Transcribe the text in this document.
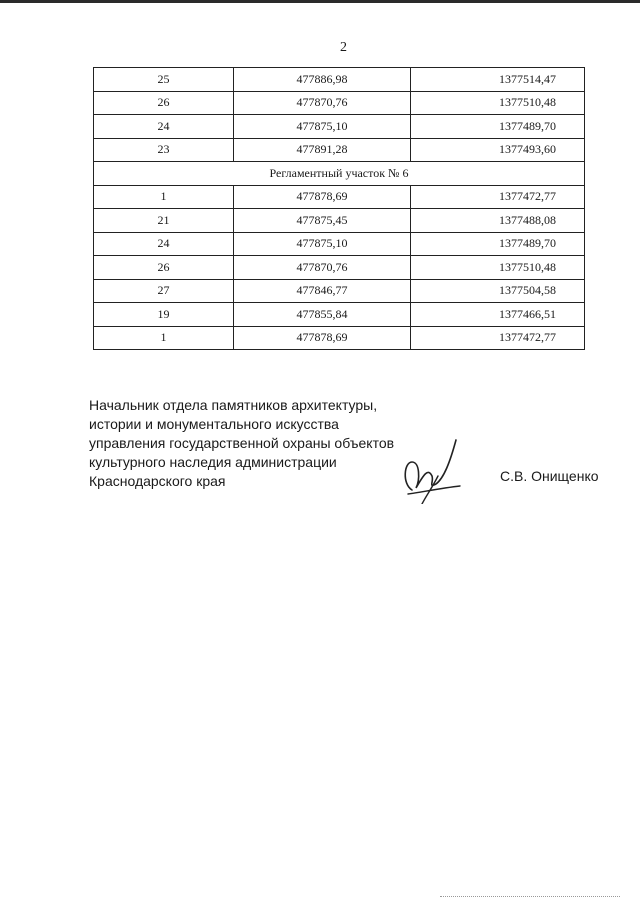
2
25	477886,98	1377514,47
26	477870,76	1377510,48
24	477875,10	1377489,70
23	477891,28	1377493,60
Регламентный участок № 6		
1	477878,69	1377472,77
21	477875,45	1377488,08
24	477875,10	1377489,70
26	477870,76	1377510,48
27	477846,77	1377504,58
19	477855,84	1377466,51
1	477878,69	1377472,77
Начальник отдела памятников архитектуры,
истории и монументального искусства
управления государственной охраны объектов
культурного наследия администрации
Краснодарского края	С.В. Онищенко
